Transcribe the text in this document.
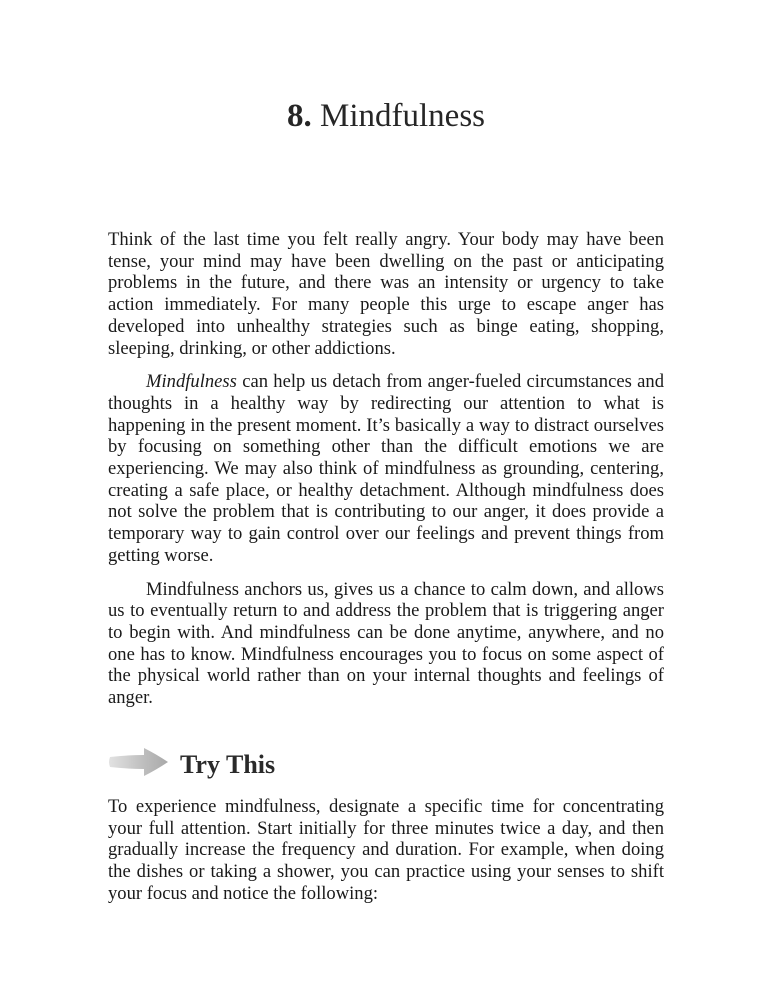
8. Mindfulness

Think of the last time you felt really angry. Your body may have been tense, your mind may have been dwelling on the past or anticipating problems in the future, and there was an intensity or urgency to take action immediately. For many people this urge to escape anger has developed into unhealthy strategies such as binge eating, shopping, sleeping, drinking, or other addictions.

Mindfulness can help us detach from anger-fueled circumstances and thoughts in a healthy way by redirecting our attention to what is happening in the present moment. It’s basically a way to distract ourselves by focusing on something other than the difficult emotions we are experiencing. We may also think of mindfulness as grounding, centering, creating a safe place, or healthy detachment. Although mindfulness does not solve the problem that is contributing to our anger, it does provide a temporary way to gain control over our feelings and prevent things from getting worse.

Mindfulness anchors us, gives us a chance to calm down, and allows us to eventually return to and address the problem that is triggering anger to begin with. And mindfulness can be done anytime, anywhere, and no one has to know. Mindfulness encourages you to focus on some aspect of the physical world rather than on your internal thoughts and feelings of anger.

Try This

To experience mindfulness, designate a specific time for concentrating your full attention. Start initially for three minutes twice a day, and then gradually increase the frequency and duration. For example, when doing the dishes or taking a shower, you can practice using your senses to shift your focus and notice the following:
